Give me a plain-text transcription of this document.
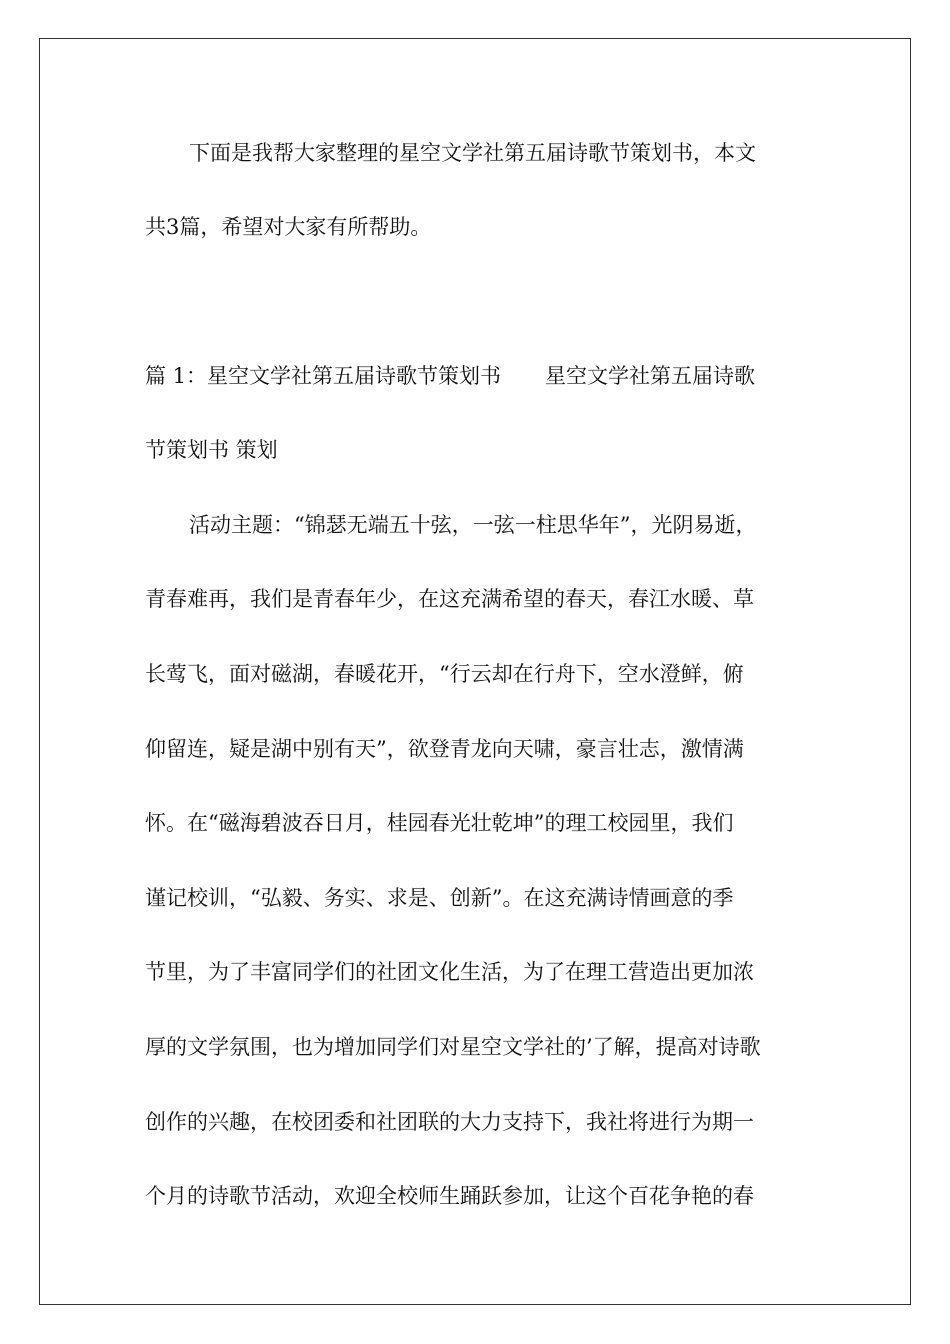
下面是我帮大家整理的星空文学社第五届诗歌节策划书，本文
共3篇，希望对大家有所帮助。
篇 1：星空文学社第五届诗歌节策划书 星空文学社第五届诗歌
节策划书 策划
活动主题：“锦瑟无端五十弦，一弦一柱思华年”，光阴易逝，
青春难再，我们是青春年少，在这充满希望的春天，春江水暖、草
长莺飞，面对磁湖，春暖花开，“行云却在行舟下，空水澄鲜，俯
仰留连，疑是湖中别有天”，欲登青龙向天啸，豪言壮志，激情满
怀。在“磁海碧波吞日月，桂园春光壮乾坤”的理工校园里，我们
谨记校训，“弘毅、务实、求是、创新”。在这充满诗情画意的季
节里，为了丰富同学们的社团文化生活，为了在理工营造出更加浓
厚的文学氛围，也为增加同学们对星空文学社的’了解，提高对诗歌
创作的兴趣，在校团委和社团联的大力支持下，我社将进行为期一
个月的诗歌节活动，欢迎全校师生踊跃参加，让这个百花争艳的春
